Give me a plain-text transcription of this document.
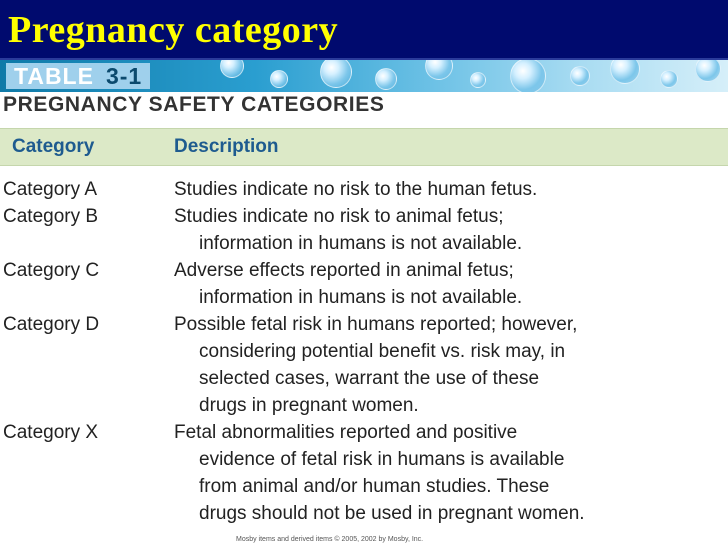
Pregnancy category
TABLE 3-1
PREGNANCY SAFETY CATEGORIES
Category	Description
Category A	Studies indicate no risk to the human fetus.
Category B	Studies indicate no risk to animal fetus;
information in humans is not available.
Category C	Adverse effects reported in animal fetus;
information in humans is not available.
Category D	Possible fetal risk in humans reported; however,
considering potential benefit vs. risk may, in
selected cases, warrant the use of these
drugs in pregnant women.
Category X	Fetal abnormalities reported and positive
evidence of fetal risk in humans is available
from animal and/or human studies. These
drugs should not be used in pregnant women.
Mosby items and derived items © 2005, 2002 by Mosby, Inc.
